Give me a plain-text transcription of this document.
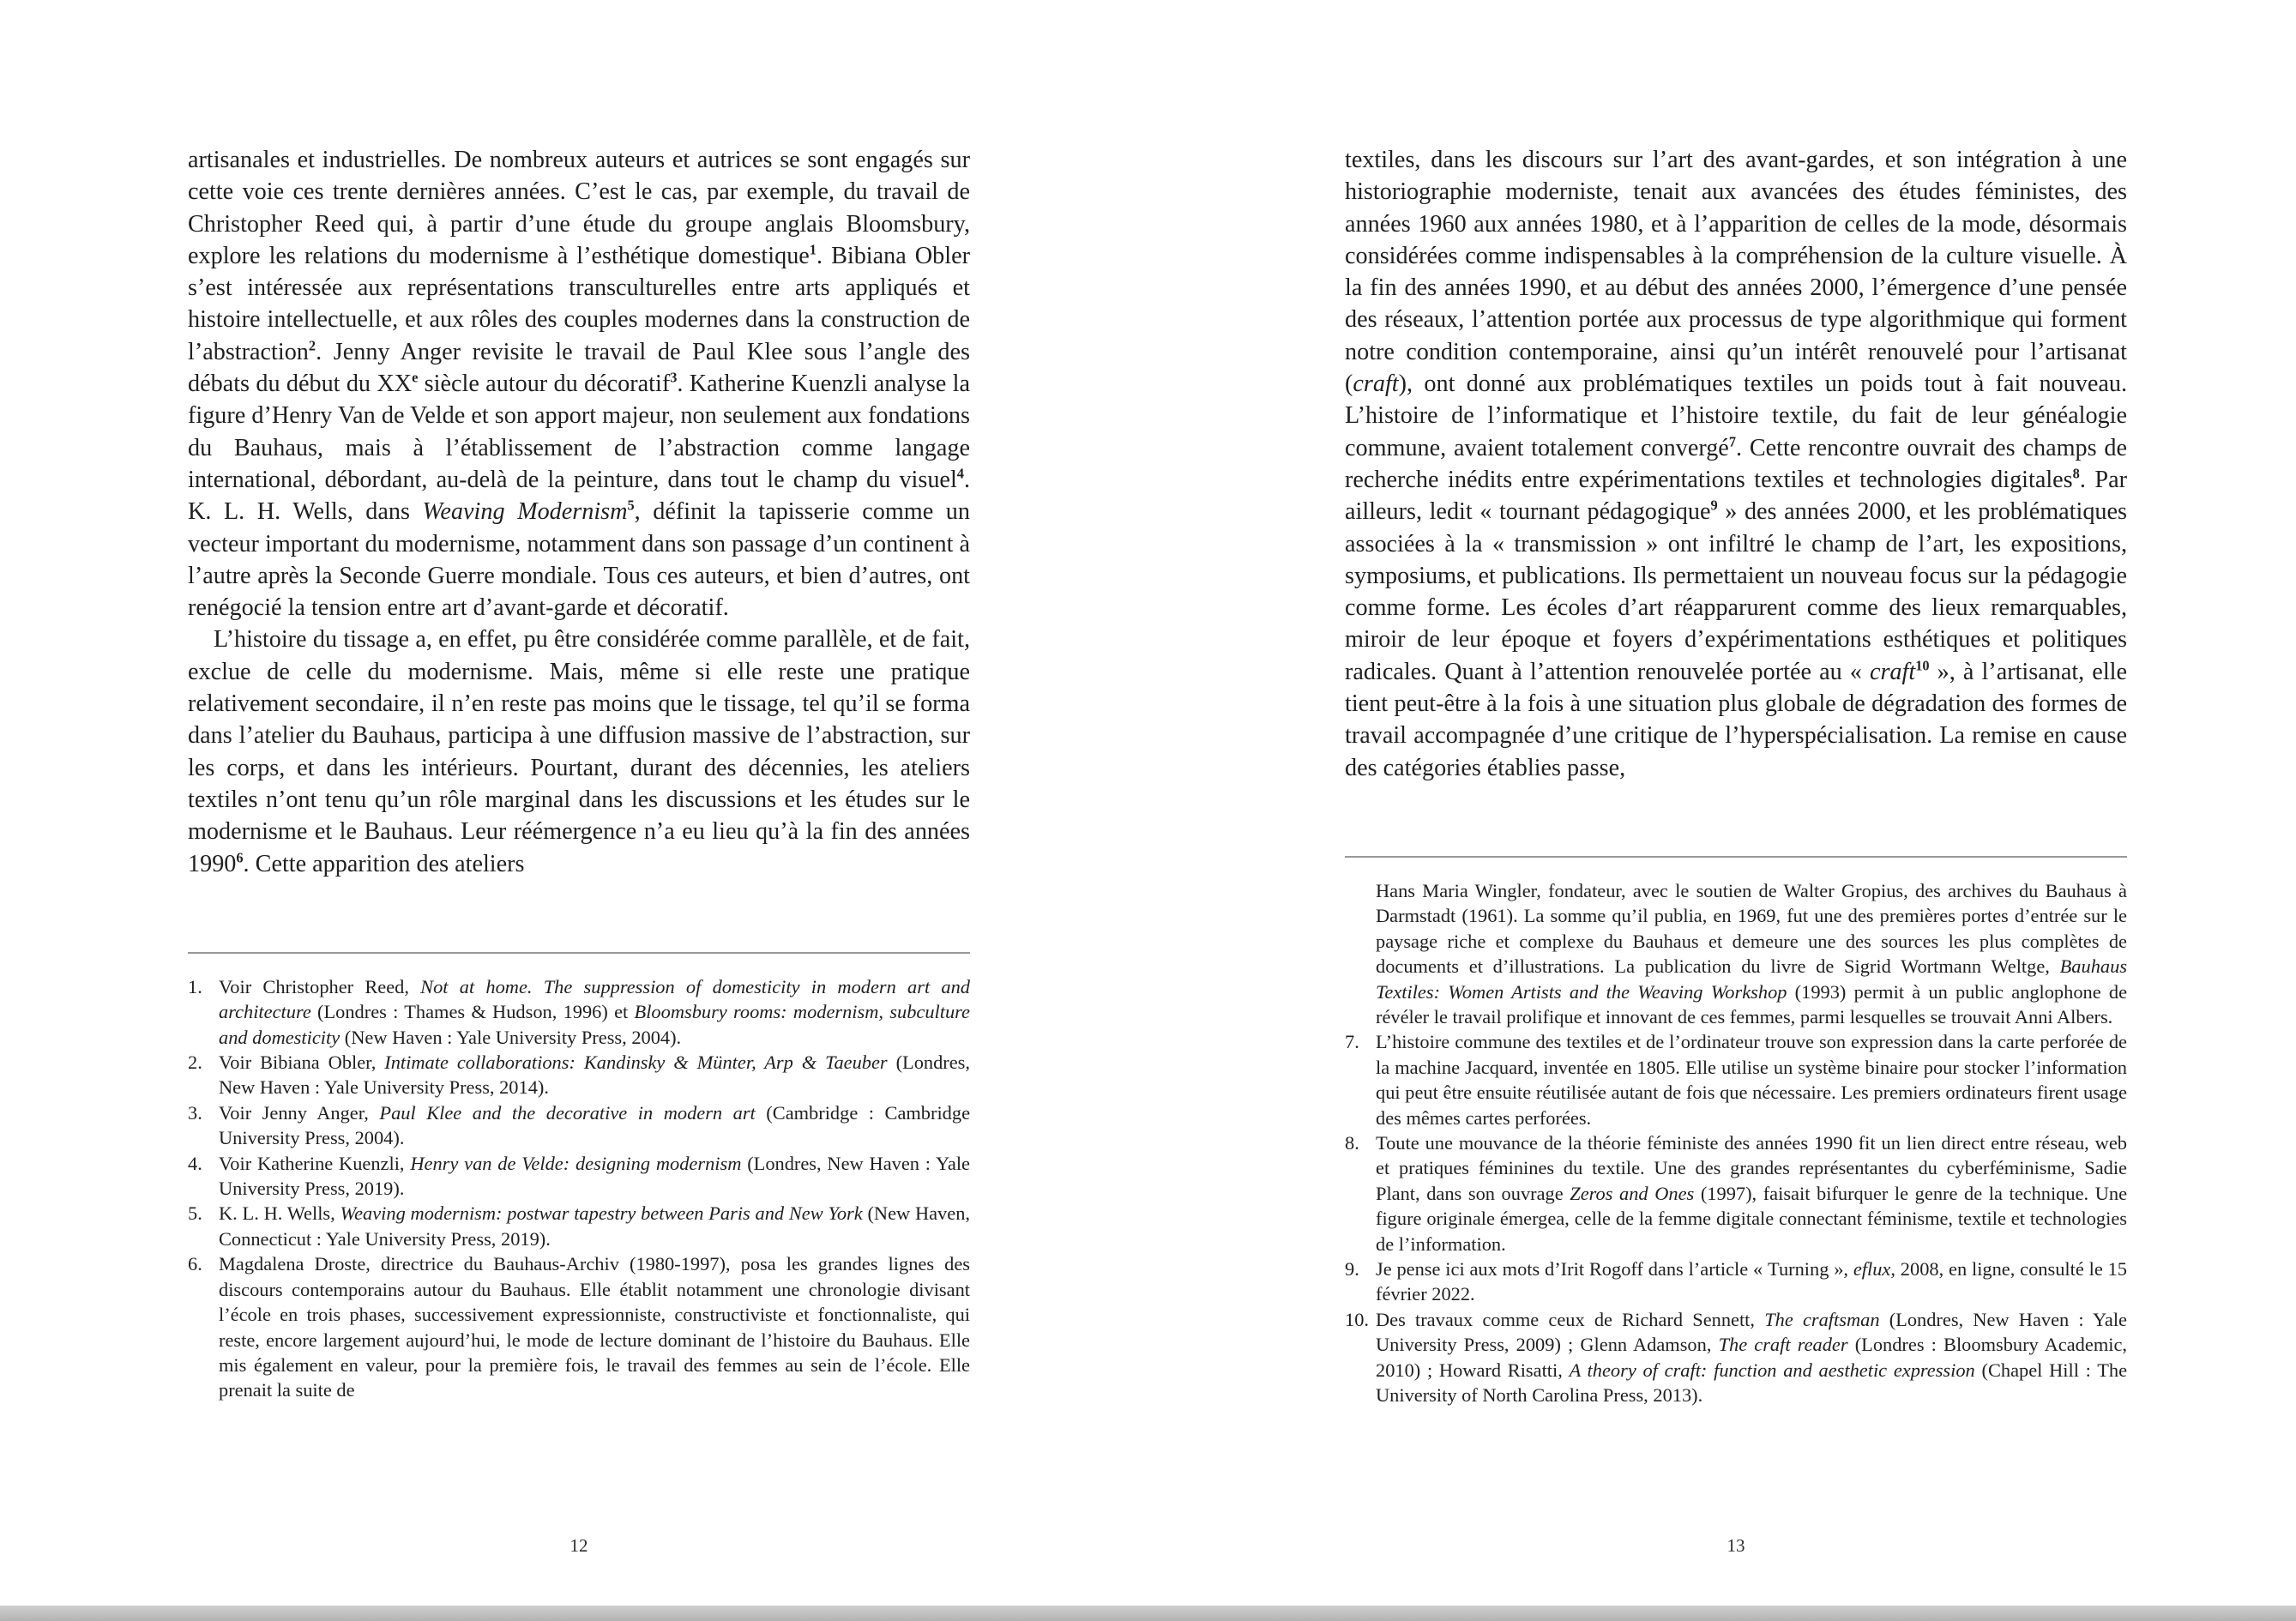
artisanales et industrielles. De nombreux auteurs et autrices se sont engagés sur cette voie ces trente dernières années. C’est le cas, par exemple, du travail de Christopher Reed qui, à partir d’une étude du groupe anglais Bloomsbury, explore les relations du modernisme à l’esthétique domestique$^1$. Bibiana Obler s’est intéressée aux représentations transculturelles entre arts appliqués et histoire intellectuelle, et aux rôles des couples modernes dans la construction de l’abstraction$^2$. Jenny Anger revisite le travail de Paul Klee sous l’angle des débats du début du XXe siècle autour du décoratif$^3$. Katherine Kuenzli analyse la figure d’Henry Van de Velde et son apport majeur, non seulement aux fondations du Bauhaus, mais à l’établissement de l’abstraction comme langage international, débordant, au-delà de la peinture, dans tout le champ du visuel$^4$. K. L. H. Wells, dans Weaving Modernism$^5$, définit la tapisserie comme un vecteur important du modernisme, notamment dans son passage d’un continent à l’autre après la Seconde Guerre mondiale. Tous ces auteurs, et bien d’autres, ont renégocié la tension entre art d’avant-garde et décoratif.

L’histoire du tissage a, en effet, pu être considérée comme parallèle, et de fait, exclue de celle du modernisme. Mais, même si elle reste une pratique relativement secondaire, il n’en reste pas moins que le tissage, tel qu’il se forma dans l’atelier du Bauhaus, participa à une diffusion massive de l’abstraction, sur les corps, et dans les intérieurs. Pourtant, durant des décennies, les ateliers textiles n’ont tenu qu’un rôle marginal dans les discussions et les études sur le modernisme et le Bauhaus. Leur réémergence n’a eu lieu qu’à la fin des années 1990$^6$. Cette apparition des ateliers

1. Voir Christopher Reed, Not at home. The suppression of domesticity in modern art and architecture (Londres : Thames & Hudson, 1996) et Bloomsbury rooms: modernism, subculture and domesticity (New Haven : Yale University Press, 2004).
2. Voir Bibiana Obler, Intimate collaborations: Kandinsky & Münter, Arp & Taeuber (Londres, New Haven : Yale University Press, 2014).
3. Voir Jenny Anger, Paul Klee and the decorative in modern art (Cambridge : Cambridge University Press, 2004).
4. Voir Katherine Kuenzli, Henry van de Velde: designing modernism (Londres, New Haven : Yale University Press, 2019).
5. K. L. H. Wells, Weaving modernism: postwar tapestry between Paris and New York (New Haven, Connecticut : Yale University Press, 2019).
6. Magdalena Droste, directrice du Bauhaus-Archiv (1980-1997), posa les grandes lignes des discours contemporains autour du Bauhaus. Elle établit notamment une chronologie divisant l’école en trois phases, successivement expressionniste, constructiviste et fonctionnaliste, qui reste, encore largement aujourd’hui, le mode de lecture dominant de l’histoire du Bauhaus. Elle mis également en valeur, pour la première fois, le travail des femmes au sein de l’école. Elle prenait la suite de
12

textiles, dans les discours sur l’art des avant-gardes, et son intégration à une historiographie moderniste, tenait aux avancées des études féministes, des années 1960 aux années 1980, et à l’apparition de celles de la mode, désormais considérées comme indispensables à la compréhension de la culture visuelle. À la fin des années 1990, et au début des années 2000, l’émergence d’une pensée des réseaux, l’attention portée aux processus de type algorithmique qui forment notre condition contemporaine, ainsi qu’un intérêt renouvelé pour l’artisanat (craft), ont donné aux problématiques textiles un poids tout à fait nouveau. L’histoire de l’informatique et l’histoire textile, du fait de leur généalogie commune, avaient totalement convergé$^7$. Cette rencontre ouvrait des champs de recherche inédits entre expérimentations textiles et technologies digitales$^8$. Par ailleurs, ledit « tournant pédagogique$^9$ » des années 2000, et les problématiques associées à la « transmission » ont infiltré le champ de l’art, les expositions, symposiums, et publications. Ils permettaient un nouveau focus sur la pédagogie comme forme. Les écoles d’art réapparurent comme des lieux remarquables, miroir de leur époque et foyers d’expérimentations esthétiques et politiques radicales. Quant à l’attention renouvelée portée au « craft$^{10}$ », à l’artisanat, elle tient peut-être à la fois à une situation plus globale de dégradation des formes de travail accompagnée d’une critique de l’hyperspécialisation. La remise en cause des catégories établies passe,

Hans Maria Wingler, fondateur, avec le soutien de Walter Gropius, des archives du Bauhaus à Darmstadt (1961). La somme qu’il publia, en 1969, fut une des premières portes d’entrée sur le paysage riche et complexe du Bauhaus et demeure une des sources les plus complètes de documents et d’illustrations. La publication du livre de Sigrid Wortmann Weltge, Bauhaus Textiles: Women Artists and the Weaving Workshop (1993) permit à un public anglophone de révéler le travail prolifique et innovant de ces femmes, parmi lesquelles se trouvait Anni Albers.
7. L’histoire commune des textiles et de l’ordinateur trouve son expression dans la carte perforée de la machine Jacquard, inventée en 1805. Elle utilise un système binaire pour stocker l’information qui peut être ensuite réutilisée autant de fois que nécessaire. Les premiers ordinateurs firent usage des mêmes cartes perforées.
8. Toute une mouvance de la théorie féministe des années 1990 fit un lien direct entre réseau, web et pratiques féminines du textile. Une des grandes représentantes du cyberféminisme, Sadie Plant, dans son ouvrage Zeros and Ones (1997), faisait bifurquer le genre de la technique. Une figure originale émergea, celle de la femme digitale connectant féminisme, textile et technologies de l’information.
9. Je pense ici aux mots d’Irit Rogoff dans l’article « Turning », eflux, 2008, en ligne, consulté le 15 février 2022.
10. Des travaux comme ceux de Richard Sennett, The craftsman (Londres, New Haven : Yale University Press, 2009) ; Glenn Adamson, The craft reader (Londres : Bloomsbury Academic, 2010) ; Howard Risatti, A theory of craft: function and aesthetic expression (Chapel Hill : The University of North Carolina Press, 2013).
13
